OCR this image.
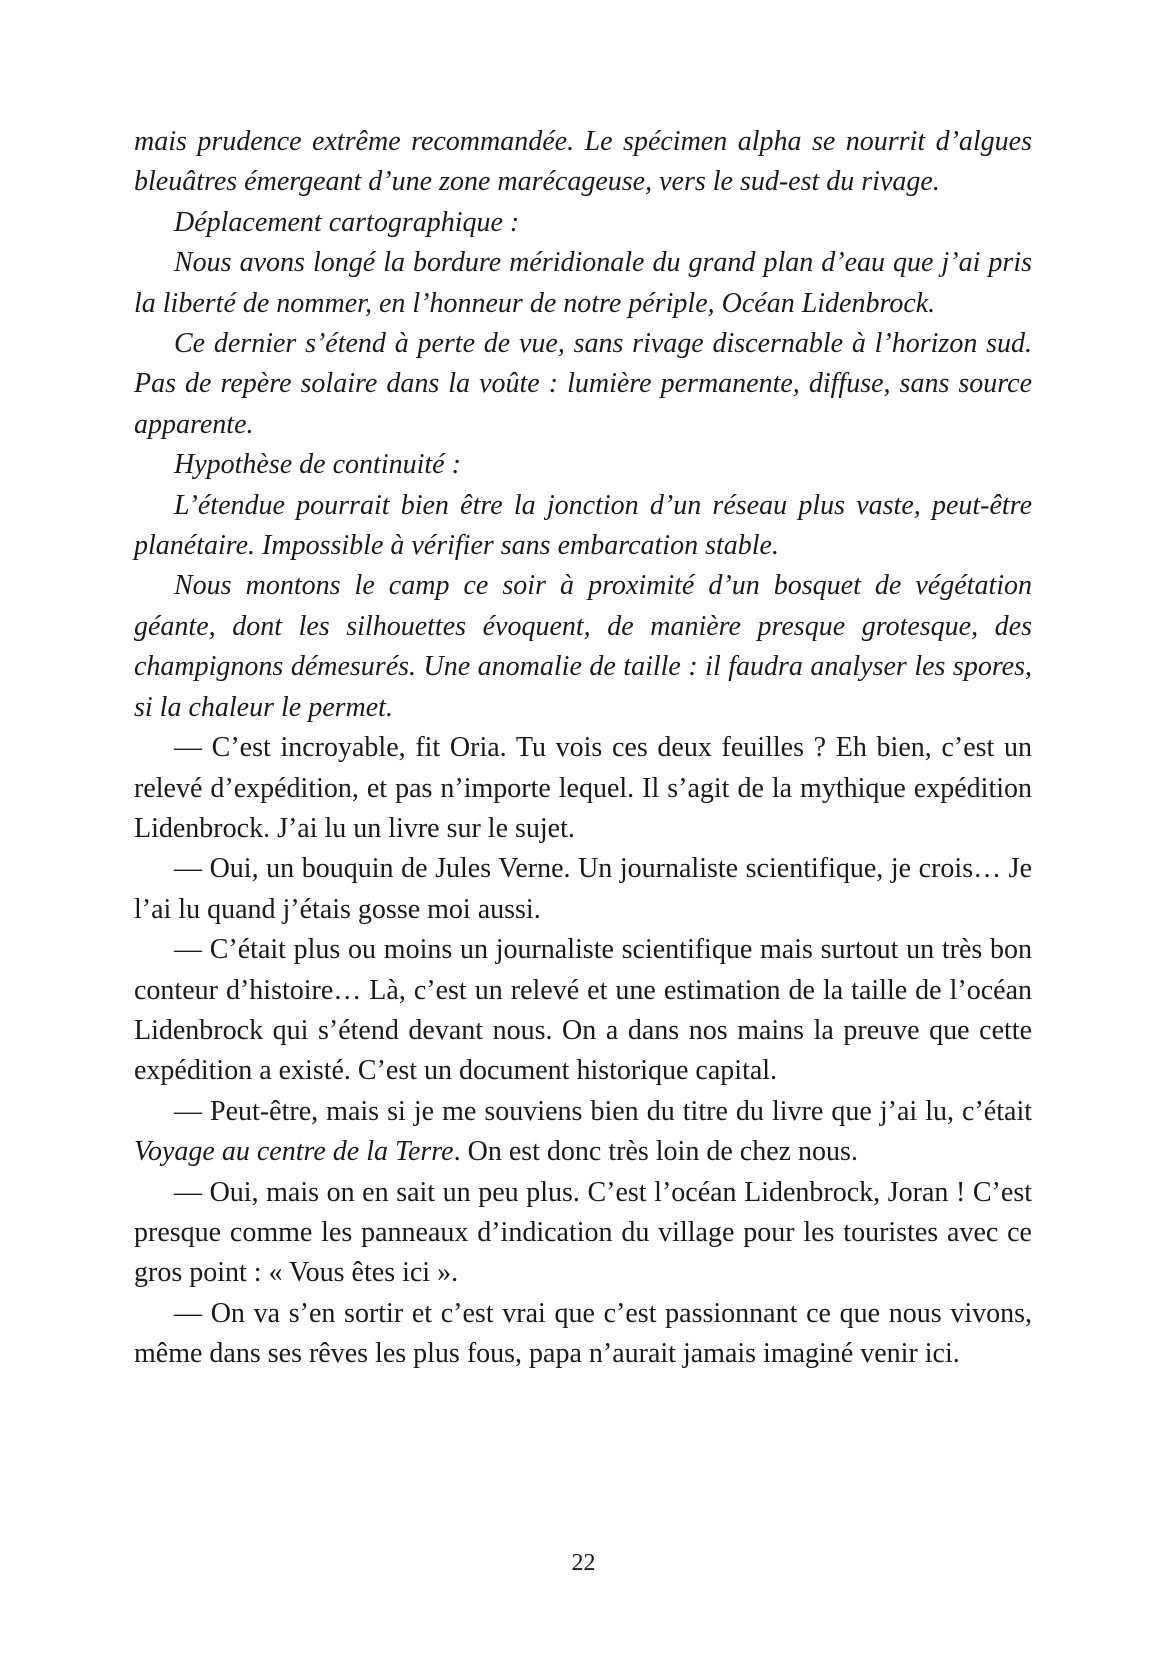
mais prudence extrême recommandée. Le spécimen alpha se nourrit d’algues bleuâtres émergeant d’une zone marécageuse, vers le sud-est du rivage.

Déplacement cartographique :

Nous avons longé la bordure méridionale du grand plan d’eau que j’ai pris la liberté de nommer, en l’honneur de notre périple, Océan Lidenbrock.

Ce dernier s’étend à perte de vue, sans rivage discernable à l’horizon sud. Pas de repère solaire dans la voûte : lumière permanente, diffuse, sans source apparente.

Hypothèse de continuité :

L’étendue pourrait bien être la jonction d’un réseau plus vaste, peut-être planétaire. Impossible à vérifier sans embarcation stable.

Nous montons le camp ce soir à proximité d’un bosquet de végétation géante, dont les silhouettes évoquent, de manière presque grotesque, des champignons démesurés. Une anomalie de taille : il faudra analyser les spores, si la chaleur le permet.

— C’est incroyable, fit Oria. Tu vois ces deux feuilles ? Eh bien, c’est un relevé d’expédition, et pas n’importe lequel. Il s’agit de la mythique expédition Lidenbrock. J’ai lu un livre sur le sujet.

— Oui, un bouquin de Jules Verne. Un journaliste scientifique, je crois… Je l’ai lu quand j’étais gosse moi aussi.

— C’était plus ou moins un journaliste scientifique mais surtout un très bon conteur d’histoire… Là, c’est un relevé et une estimation de la taille de l’océan Lidenbrock qui s’étend devant nous. On a dans nos mains la preuve que cette expédition a existé. C’est un document historique capital.

— Peut-être, mais si je me souviens bien du titre du livre que j’ai lu, c’était Voyage au centre de la Terre. On est donc très loin de chez nous.

— Oui, mais on en sait un peu plus. C’est l’océan Lidenbrock, Joran ! C’est presque comme les panneaux d’indication du village pour les touristes avec ce gros point : « Vous êtes ici ».

— On va s’en sortir et c’est vrai que c’est passionnant ce que nous vivons, même dans ses rêves les plus fous, papa n’aurait jamais imaginé venir ici.

22
